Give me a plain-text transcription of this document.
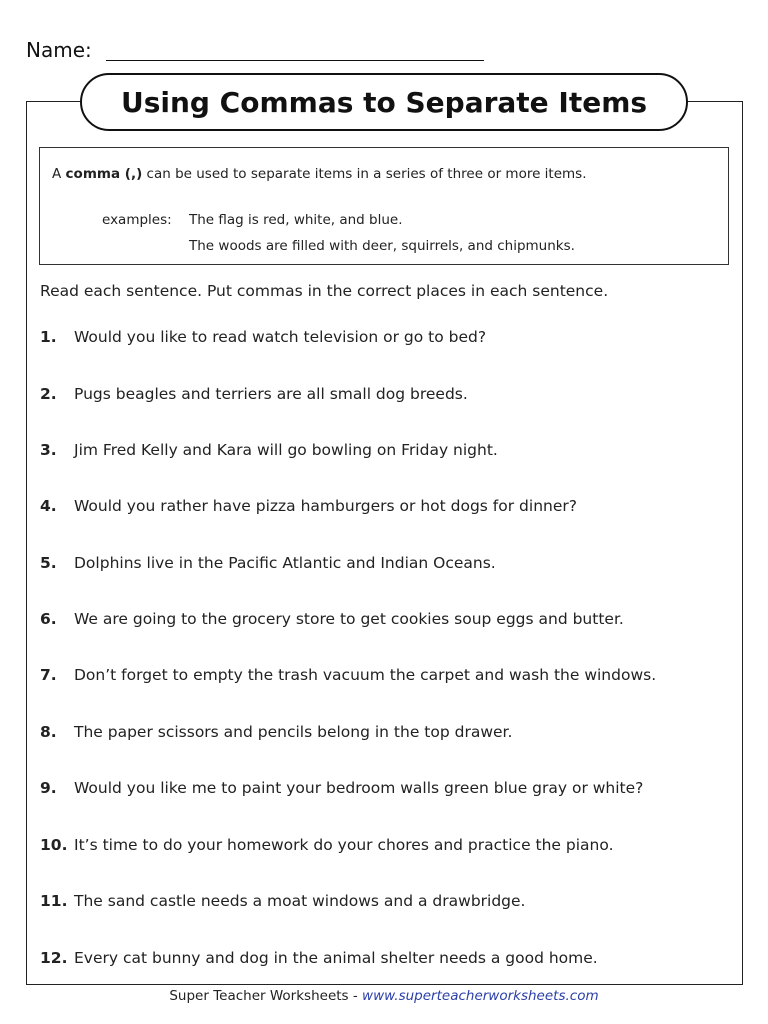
Name:
Using Commas to Separate Items
A comma (,) can be used to separate items in a series of three or more items.
examples: The flag is red, white, and blue.
The woods are filled with deer, squirrels, and chipmunks.
Read each sentence. Put commas in the correct places in each sentence.
1. Would you like to read watch television or go to bed?
2. Pugs beagles and terriers are all small dog breeds.
3. Jim Fred Kelly and Kara will go bowling on Friday night.
4. Would you rather have pizza hamburgers or hot dogs for dinner?
5. Dolphins live in the Pacific Atlantic and Indian Oceans.
6. We are going to the grocery store to get cookies soup eggs and butter.
7. Don’t forget to empty the trash vacuum the carpet and wash the windows.
8. The paper scissors and pencils belong in the top drawer.
9. Would you like me to paint your bedroom walls green blue gray or white?
10. It’s time to do your homework do your chores and practice the piano.
11. The sand castle needs a moat windows and a drawbridge.
12. Every cat bunny and dog in the animal shelter needs a good home.
Super Teacher Worksheets - www.superteacherworksheets.com
